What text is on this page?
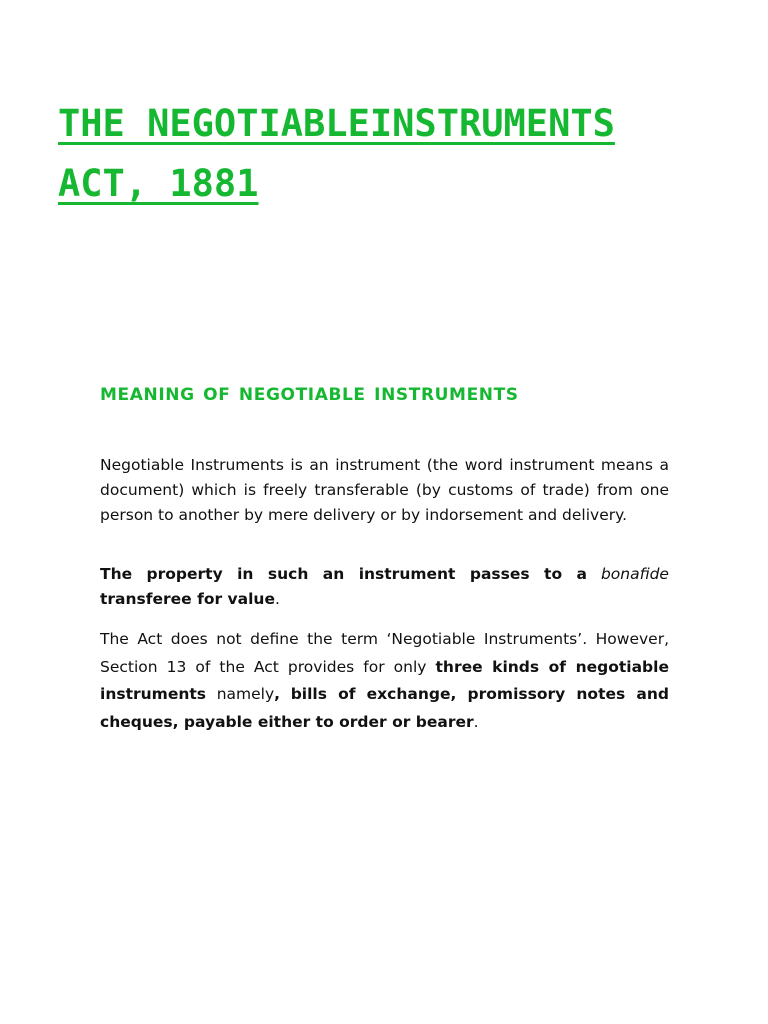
THE NEGOTIABLEINSTRUMENTS
ACT, 1881
MEANING OF NEGOTIABLE INSTRUMENTS

Negotiable Instruments is an instrument (the word instrument means a document) which is freely transferable (by customs of trade) from one person to another by mere delivery or by indorsement and delivery.

The property in such an instrument passes to a bonafide transferee for value.

The Act does not define the term ‘Negotiable Instruments’. However, Section 13 of the Act provides for only three kinds of negotiable instruments namely, bills of exchange, promissory notes and cheques, payable either to order or bearer.
